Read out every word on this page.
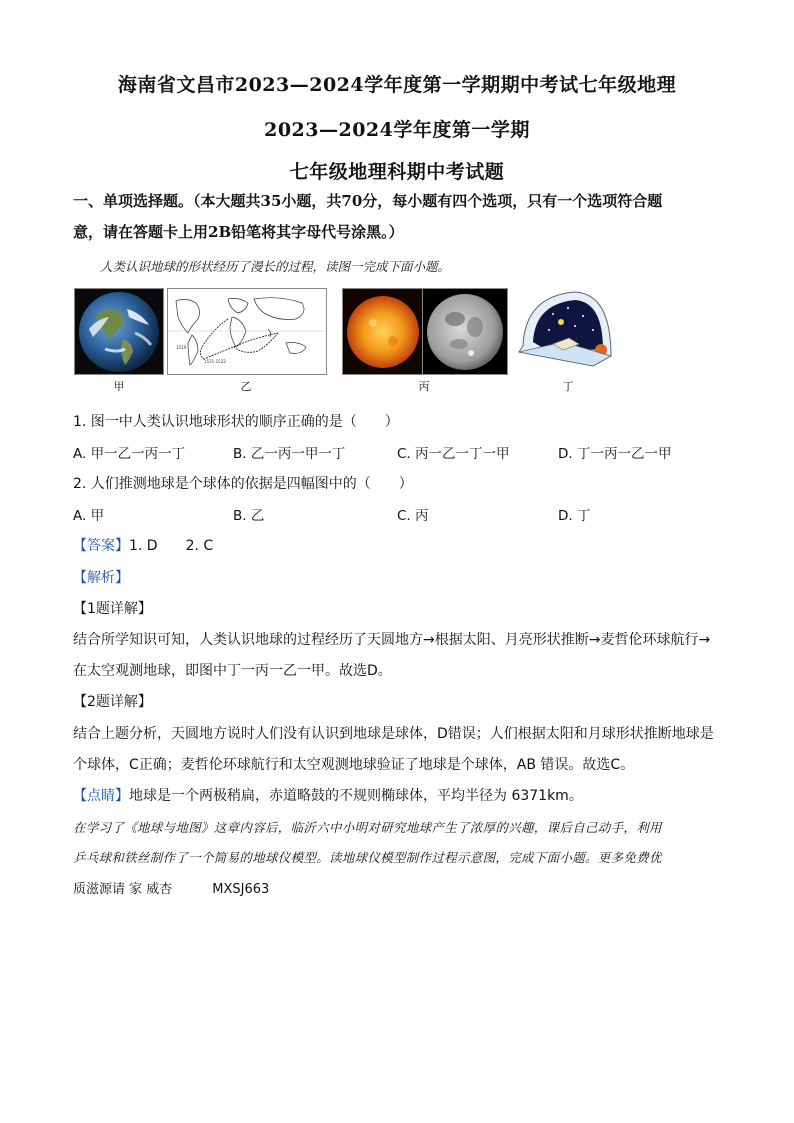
海南省文昌市2023—2024学年度第一学期期中考试七年级地理
2023—2024学年度第一学期
七年级地理科期中考试题
一、单项选择题。（本大题共35小题，共70分，每小题有四个选项，只有一个选项符合题
意，请在答题卡上用2B铅笔将其字母代号涂黑。）
人类认识地球的形状经历了漫长的过程，读图一完成下面小题。
1519
1521-1522
甲	乙	丙	丁
1. 图一中人类认识地球形状的顺序正确的是（　　）
A. 甲一乙一丙一丁	B. 乙一丙一甲一丁	C. 丙一乙一丁一甲	D. 丁一丙一乙一甲
2. 人们推测地球是个球体的依据是四幅图中的（　　）
A. 甲	B. 乙	C. 丙	D. 丁
【答案】1. D　　2. C
【解析】
【1题详解】
结合所学知识可知，人类认识地球的过程经历了天圆地方→根据太阳、月亮形状推断→麦哲伦环球航行→
在太空观测地球，即图中丁一丙一乙一甲。故选D。
【2题详解】
结合上题分析，天圆地方说时人们没有认识到地球是球体，D错误；人们根据太阳和月球形状推断地球是
个球体，C正确；麦哲伦环球航行和太空观测地球验证了地球是个球体，AB 错误。故选C。
【点睛】地球是一个两极稍扁，赤道略鼓的不规则椭球体，平均半径为 6371km。
在学习了《地球与地图》这章内容后，临沂六中小明对研究地球产生了浓厚的兴趣，课后自己动手，利用
乒乓球和铁丝制作了一个简易的地球仪模型。读地球仪模型制作过程示意图，完成下面小题。更多免费优
质滋源请 家 威杏	MXSJ663
